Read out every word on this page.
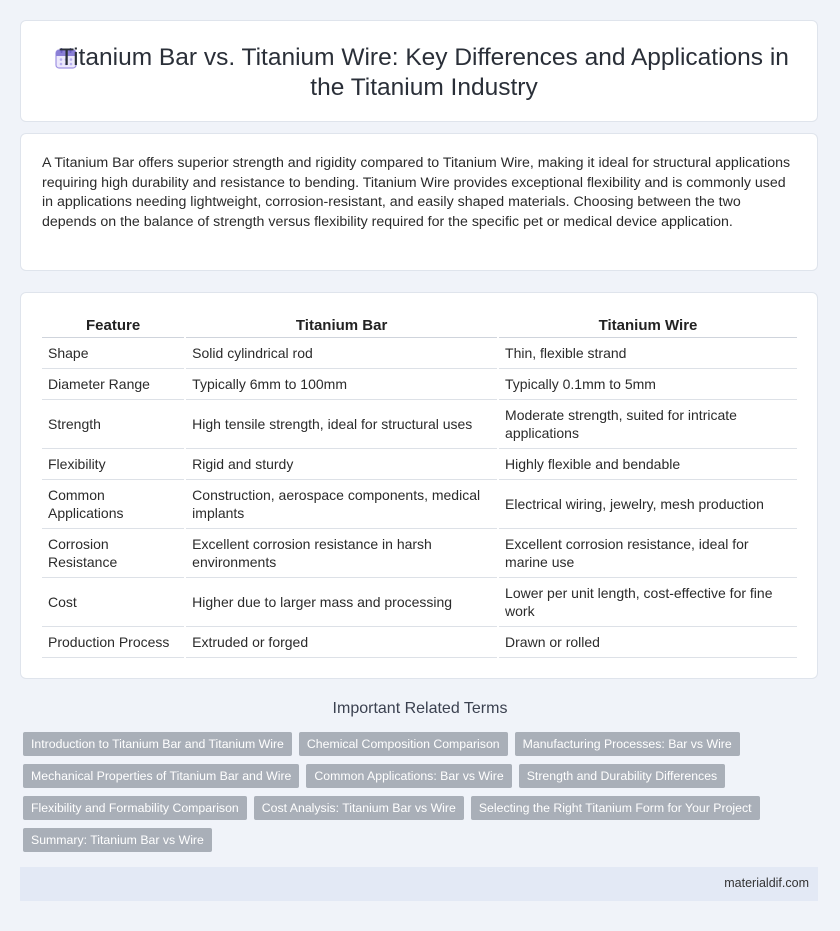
Titanium Bar vs. Titanium Wire: Key Differences and Applications in the Titanium Industry

A Titanium Bar offers superior strength and rigidity compared to Titanium Wire, making it ideal for structural applications requiring high durability and resistance to bending. Titanium Wire provides exceptional flexibility and is commonly used in applications needing lightweight, corrosion-resistant, and easily shaped materials. Choosing between the two depends on the balance of strength versus flexibility required for the specific pet or medical device application.

Feature	Titanium Bar	Titanium Wire
Shape	Solid cylindrical rod	Thin, flexible strand
Diameter Range	Typically 6mm to 100mm	Typically 0.1mm to 5mm
Strength	High tensile strength, ideal for structural uses	Moderate strength, suited for intricate applications
Flexibility	Rigid and sturdy	Highly flexible and bendable
Common Applications	Construction, aerospace components, medical implants	Electrical wiring, jewelry, mesh production
Corrosion Resistance	Excellent corrosion resistance in harsh environments	Excellent corrosion resistance, ideal for marine use
Cost	Higher due to larger mass and processing	Lower per unit length, cost-effective for fine work
Production Process	Extruded or forged	Drawn or rolled
Important Related Terms
Introduction to Titanium Bar and Titanium Wire	Chemical Composition Comparison	Manufacturing Processes: Bar vs Wire
Mechanical Properties of Titanium Bar and Wire	Common Applications: Bar vs Wire	Strength and Durability Differences
Flexibility and Formability Comparison	Cost Analysis: Titanium Bar vs Wire	Selecting the Right Titanium Form for Your Project
Summary: Titanium Bar vs Wire
materialdif.com
